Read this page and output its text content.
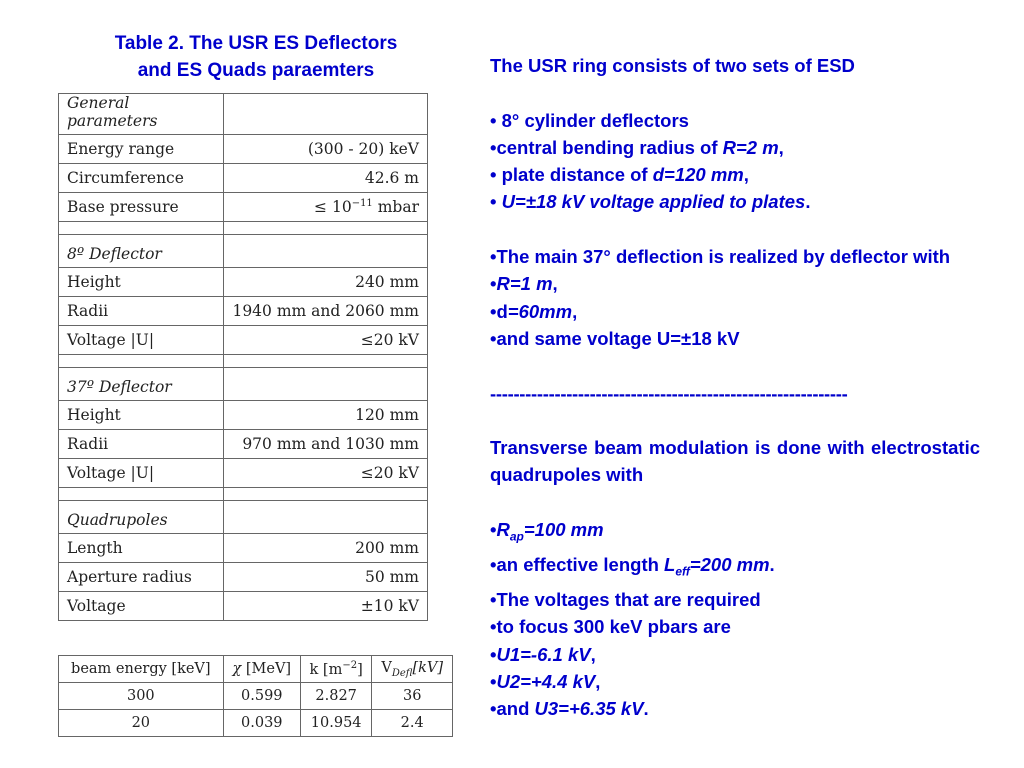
Table 2. The USR ES Deflectors
and ES Quads paraemters
General parameters	
Energy range	(300 - 20) keV
Circumference	42.6 m
Base pressure	≤ $10^{-11}$ mbar

8º Deflector	
Height	240 mm
Radii	1940 mm and 2060 mm
Voltage |U|	≤20 kV

37º Deflector	
Height	120 mm
Radii	970 mm and 1030 mm
Voltage |U|	≤20 kV

Quadrupoles	
Length	200 mm
Aperture radius	50 mm
Voltage	±10 kV
beam energy [keV]	χ [MeV]	k $[m^{-2}]$	$V_{Defl}[kV]$
300	0.599	2.827	36
20	0.039	10.954	2.4

The USR ring consists of two sets of ESD

• 8° cylinder deflectors

•central bending radius of R=2 m,

• plate distance of d=120 mm,

• U=±18 kV voltage applied to plates.

•The main 37° deflection is realized by deflector with

•R=1 m,

•d=60mm,

•and same voltage U=±18 kV

-------------------------------------------------------------

Transverse beam modulation is done with electrostatic quadrupoles with

$•R_{ap}=100$ mm

•an effective length $L_{eff}=200$ mm.

•The voltages that are required

•to focus 300 keV pbars are

•U1=-6.1 kV,

•U2=+4.4 kV,

•and U3=+6.35 kV.
